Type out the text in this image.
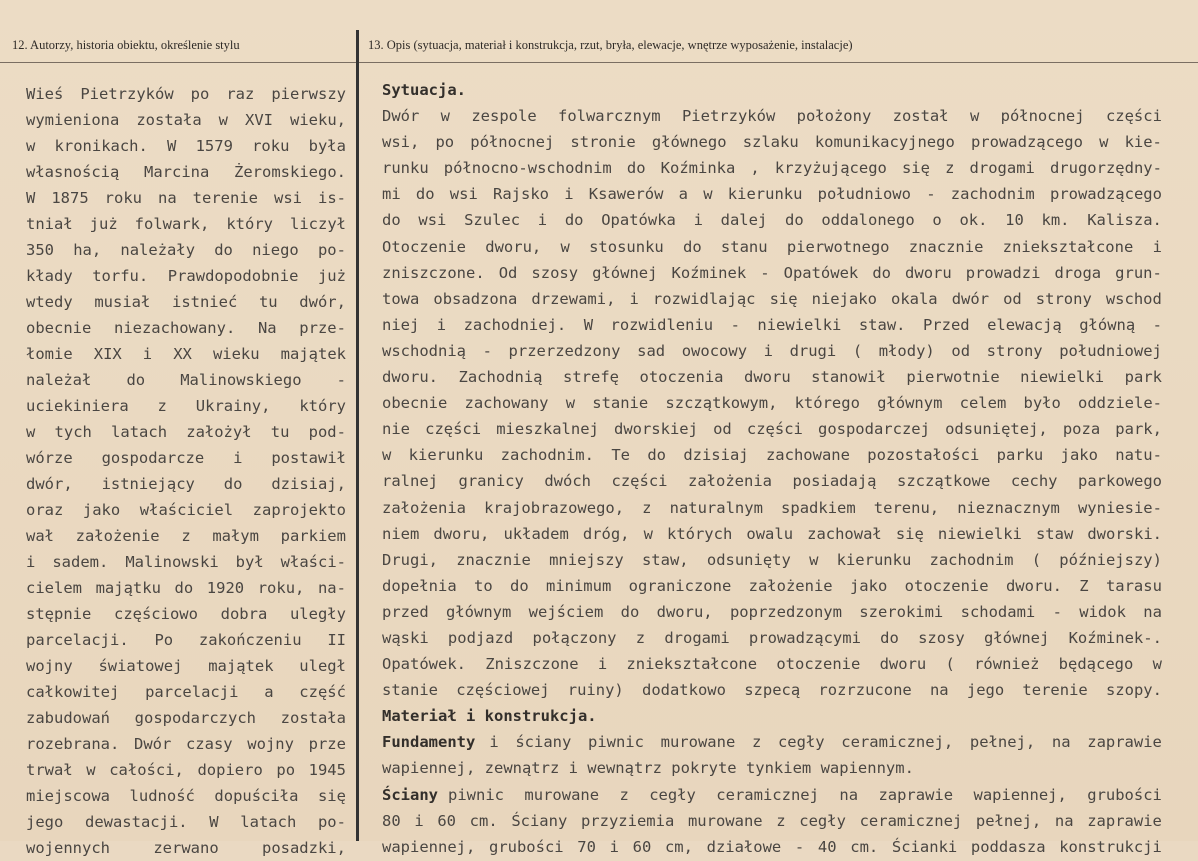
12. Autorzy, historia obiektu, określenie stylu	13. Opis (sytuacja, materiał i konstrukcja, rzut, bryła, elewacje, wnętrze wyposażenie, instalacje)
Wieś Pietrzyków po raz pierwszy
wymieniona została w XVI wieku,
w kronikach. W 1579 roku była
własnością Marcina Żeromskiego.
W 1875 roku na terenie wsi is-
tniał już folwark, który liczył
350 ha, należały do niego po-
kłady torfu. Prawdopodobnie już
wtedy musiał istnieć tu dwór,
obecnie niezachowany. Na prze-
łomie XIX i XX wieku majątek
należał do Malinowskiego -
uciekiniera z Ukrainy, który
w tych latach założył tu pod-
wórze gospodarcze i postawił
dwór, istniejący do dzisiaj,
oraz jako właściciel zaprojekto
wał założenie z małym parkiem
i sadem. Malinowski był właści-
cielem majątku do 1920 roku, na-
stępnie częściowo dobra uległy
parcelacji. Po zakończeniu II
wojny światowej majątek uległ
całkowitej parcelacji a część
zabudowań gospodarczych została
rozebrana. Dwór czasy wojny prze
trwał w całości, dopiero po 1945
miejscowa ludność dopuściła się
jego dewastacji. W latach po-
wojennych	zerwano	posadzki,
Sytuacja.
Dwór w zespole folwarcznym Pietrzyków położony został w północnej części
wsi, po północnej stronie głównego szlaku komunikacyjnego prowadzącego w kie-
runku północno-wschodnim do Koźminka , krzyżującego się z drogami drugorzędny-
mi do wsi Rajsko i Ksawerów a w kierunku południowo - zachodnim prowadzącego
do wsi Szulec i do Opatówka i dalej do oddalonego o ok. 10 km. Kalisza.
Otoczenie dworu, w stosunku do stanu pierwotnego znacznie zniekształcone i
zniszczone. Od szosy głównej Koźminek - Opatówek do dworu prowadzi droga grun-
towa obsadzona drzewami, i rozwidlając się niejako okala dwór od strony wschod
niej i zachodniej. W rozwidleniu - niewielki staw. Przed elewacją główną -
wschodnią - przerzedzony sad owocowy i drugi ( młody) od strony południowej
dworu. Zachodnią strefę otoczenia dworu stanowił pierwotnie niewielki park
obecnie zachowany w stanie szczątkowym, którego głównym celem było oddziele-
nie części mieszkalnej dworskiej od części gospodarczej odsuniętej, poza park,
w kierunku zachodnim. Te do dzisiaj zachowane pozostałości parku jako natu-
ralnej granicy dwóch części założenia posiadają szczątkowe cechy parkowego
założenia krajobrazowego, z naturalnym spadkiem terenu, nieznacznym wyniesie-
niem dworu, układem dróg, w których owalu zachował się niewielki staw dworski.
Drugi, znacznie mniejszy staw, odsunięty w kierunku zachodnim ( późniejszy)
dopełnia to do minimum ograniczone założenie jako otoczenie dworu. Z tarasu
przed głównym wejściem do dworu, poprzedzonym szerokimi schodami - widok na
wąski podjazd połączony z drogami prowadzącymi do szosy głównej Koźminek-.
Opatówek. Zniszczone i zniekształcone otoczenie dworu ( również będącego w
stanie częściowej ruiny) dodatkowo szpecą rozrzucone na jego terenie szopy.
Materiał i konstrukcja.
Fundamenty i ściany piwnic murowane z cegły ceramicznej, pełnej, na zaprawie
wapiennej, zewnątrz i wewnątrz pokryte tynkiem wapiennym.
Ściany piwnic murowane z cegły ceramicznej na zaprawie wapiennej, grubości
80 i 60 cm. Ściany przyziemia murowane z cegły ceramicznej pełnej, na zaprawie
wapiennej, grubości 70 i 60 cm, działowe - 40 cm. Ścianki poddasza konstrukcji
